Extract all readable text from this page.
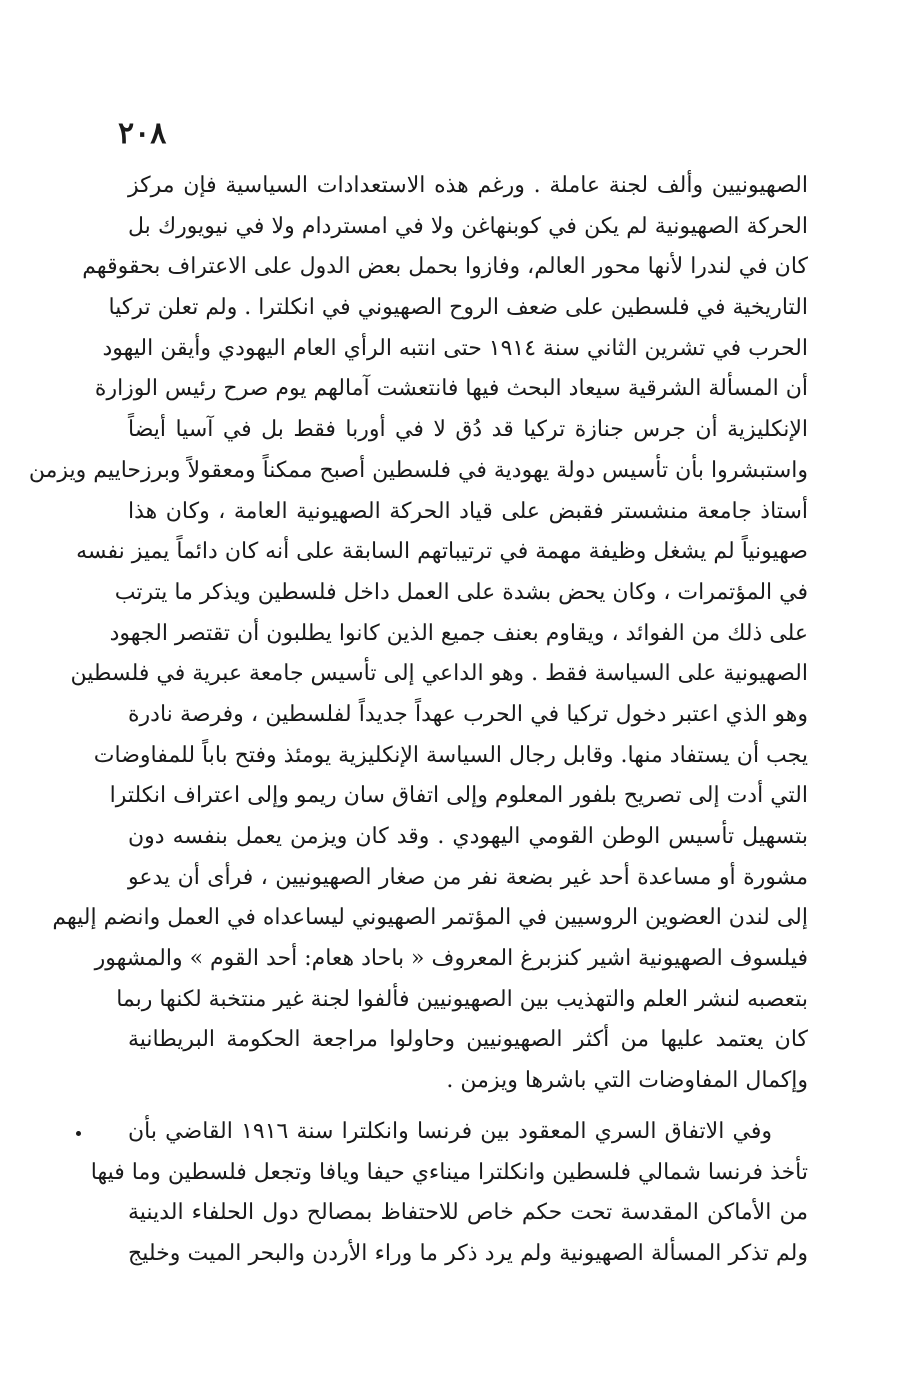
٢٠٨
الصهيونيين وألف لجنة عاملة . ورغم هذه الاستعدادات السياسية فإن مركز
الحركة الصهيونية لم يكن في كوبنهاغن ولا في امستردام ولا في نيويورك بل
كان في لندرا لأنها محور العالم، وفازوا بحمل بعض الدول على الاعتراف بحقوقهم
التاريخية في فلسطين على ضعف الروح الصهيوني في انكلترا . ولم تعلن تركيا
الحرب في تشرين الثاني سنة ١٩١٤ حتى انتبه الرأي العام اليهودي وأيقن اليهود
أن المسألة الشرقية سيعاد البحث فيها فانتعشت آمالهم يوم صرح رئيس الوزارة
الإنكليزية أن جرس جنازة تركيا قد دُق لا في أوربا فقط بل في آسيا أيضاً
واستبشروا بأن تأسيس دولة يهودية في فلسطين أصبح ممكناً ومعقولاً وبرزحاييم ويزمن
أستاذ جامعة منشستر فقبض على قياد الحركة الصهيونية العامة ، وكان هذا
صهيونياً لم يشغل وظيفة مهمة في ترتيباتهم السابقة على أنه كان دائماً يميز نفسه
في المؤتمرات ، وكان يحض بشدة على العمل داخل فلسطين ويذكر ما يترتب
على ذلك من الفوائد ، ويقاوم بعنف جميع الذين كانوا يطلبون أن تقتصر الجهود
الصهيونية على السياسة فقط . وهو الداعي إلى تأسيس جامعة عبرية في فلسطين
وهو الذي اعتبر دخول تركيا في الحرب عهداً جديداً لفلسطين ، وفرصة نادرة
يجب أن يستفاد منها. وقابل رجال السياسة الإنكليزية يومئذ وفتح باباً للمفاوضات
التي أدت إلى تصريح بلفور المعلوم وإلى اتفاق سان ريمو وإلى اعتراف انكلترا
بتسهيل تأسيس الوطن القومي اليهودي . وقد كان ويزمن يعمل بنفسه دون
مشورة أو مساعدة أحد غير بضعة نفر من صغار الصهيونيين ، فرأى أن يدعو
إلى لندن العضوين الروسيين في المؤتمر الصهيوني ليساعداه في العمل وانضم إليهم
فيلسوف الصهيونية اشير كنزبرغ المعروف « باحاد هعام: أحد القوم » والمشهور
بتعصبه لنشر العلم والتهذيب بين الصهيونيين فألفوا لجنة غير منتخبة لكنها ربما
كان يعتمد عليها من أكثر الصهيونيين وحاولوا مراجعة الحكومة البريطانية
وإكمال المفاوضات التي باشرها ويزمن .
وفي الاتفاق السري المعقود بين فرنسا وانكلترا سنة ١٩١٦ القاضي بأن
تأخذ فرنسا شمالي فلسطين وانكلترا ميناءي حيفا ويافا وتجعل فلسطين وما فيها
من الأماكن المقدسة تحت حكم خاص للاحتفاظ بمصالح دول الحلفاء الدينية
ولم تذكر المسألة الصهيونية ولم يرد ذكر ما وراء الأردن والبحر الميت وخليج
